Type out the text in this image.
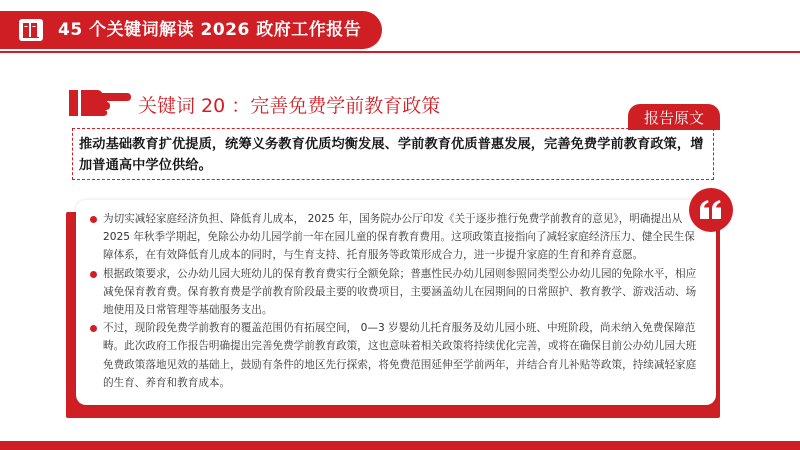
45 个关键词解读 2026 政府工作报告
关键词 20 ：完善免费学前教育政策
报告原文

推动基础教育扩优提质，统筹义务教育优质均衡发展、学前教育优质普惠发展，完善免费学前教育政策，增加普通高中学位供给。

为切实减轻家庭经济负担、降低育儿成本， 2025 年，国务院办公厅印发《关于逐步推行免费学前教育的意见》，明确提出从 2025 年秋季学期起，免除公办幼儿园学前一年在园儿童的保育教育费用。这项政策直接指向了减轻家庭经济压力、健全民生保障体系，在有效降低育儿成本的同时，与生育支持、托育服务等政策形成合力，进一步提升家庭的生育和养育意愿。
根据政策要求，公办幼儿园大班幼儿的保育教育费实行全额免除；普惠性民办幼儿园则参照同类型公办幼儿园的免除水平，相应减免保育教育费。保育教育费是学前教育阶段最主要的收费项目，主要涵盖幼儿在园期间的日常照护、教育教学、游戏活动、场地使用及日常管理等基础服务支出。
不过，现阶段免费学前教育的覆盖范围仍有拓展空间， 0—3 岁婴幼儿托育服务及幼儿园小班、中班阶段，尚未纳入免费保障范畴。此次政府工作报告明确提出完善免费学前教育政策，这也意味着相关政策将持续优化完善，或将在确保目前公办幼儿园大班免费政策落地见效的基础上，鼓励有条件的地区先行探索，将免费范围延伸至学前两年，并结合育儿补贴等政策，持续减轻家庭的生育、养育和教育成本。
